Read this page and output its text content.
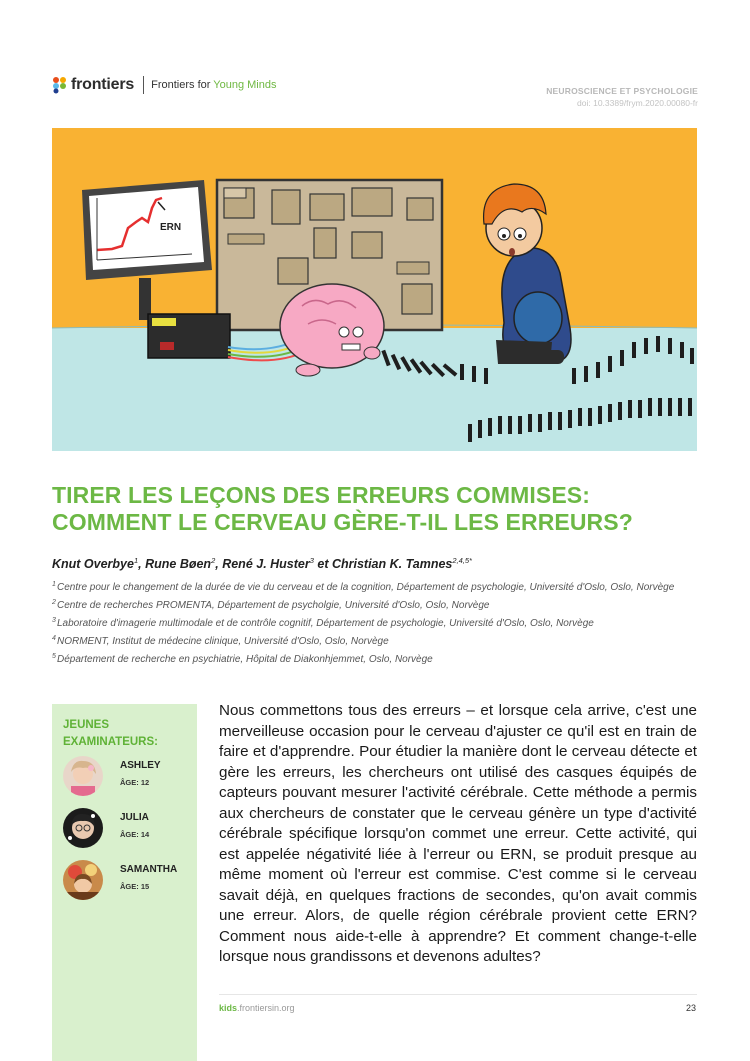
frontiers Frontiers for Young Minds	NEUROSCIENCE ET PSYCHOLOGIE
doi: 10.3389/frym.2020.00080-fr
ERN
TIRER LES LEÇONS DES ERREURS COMMISES:
COMMENT LE CERVEAU GÈRE-T-IL LES ERREURS?
Knut Overbye$^1$, Rune Bøen$^2$, René J. Huster$^3$ et Christian K. Tamnes$^{2,4,5*}$
1 Centre pour le changement de la durée de vie du cerveau et de la cognition, Département de psychologie, Université d'Oslo, Oslo, Norvège
2 Centre de recherches PROMENTA, Département de psycholgie, Université d'Oslo, Oslo, Norvège
3 Laboratoire d'imagerie multimodale et de contrôle cognitif, Département de psychologie, Université d'Oslo, Oslo, Norvège
4 NORMENT, Institut de médecine clinique, Université d'Oslo, Oslo, Norvège
5 Département de recherche en psychiatrie, Hôpital de Diakonhjemmet, Oslo, Norvège
JEUNES EXAMINATEURS:
ASHLEY
ÂGE: 12
JULIA
ÂGE: 14
SAMANTHA
ÂGE: 15

Nous commettons tous des erreurs – et lorsque cela arrive, c'est une merveilleuse occasion pour le cerveau d'ajuster ce qu'il est en train de faire et d'apprendre. Pour étudier la manière dont le cerveau détecte et gère les erreurs, les chercheurs ont utilisé des casques équipés de capteurs pouvant mesurer l'activité cérébrale. Cette méthode a permis aux chercheurs de constater que le cerveau génère un type d'activité cérébrale spécifique lorsqu'on commet une erreur. Cette activité, qui est appelée négativité liée à l'erreur ou ERN, se produit presque au même moment où l'erreur est commise. C'est comme si le cerveau savait déjà, en quelques fractions de secondes, qu'on avait commis une erreur. Alors, de quelle région cérébrale provient cette ERN? Comment nous aide-t-elle à apprendre? Et comment change-t-elle lorsque nous grandissons et devenons adultes?

kids.frontiersin.org	23
